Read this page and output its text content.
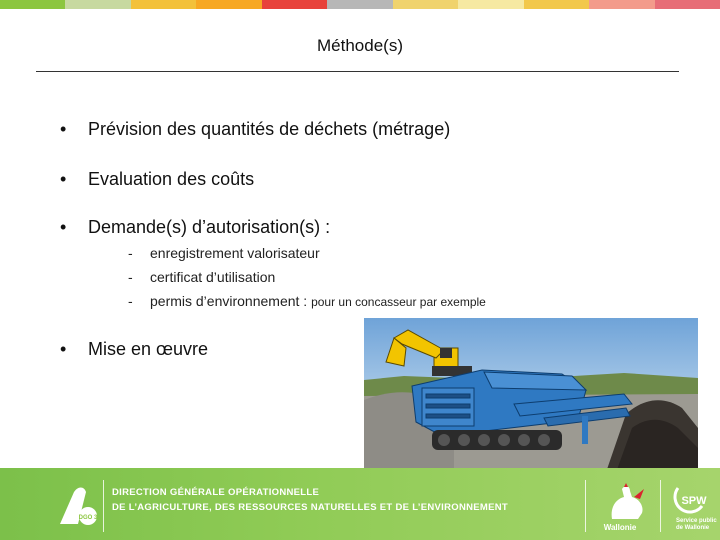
Méthode(s)
• Prévision des quantités de déchets (métrage)
• Evaluation des coûts
• Demande(s) d’autorisation(s) :
- enregistrement valorisateur
- certificat d’utilisation
- permis d’environnement : pour un concasseur par exemple
• Mise en œuvre
DGO 3
DIRECTION GÉNÉRALE OPÉRATIONNELLE
DE L’AGRICULTURE, DES RESSOURCES NATURELLES ET DE L’ENVIRONNEMENT
Wallonie
SPW
Service public
de Wallonie
